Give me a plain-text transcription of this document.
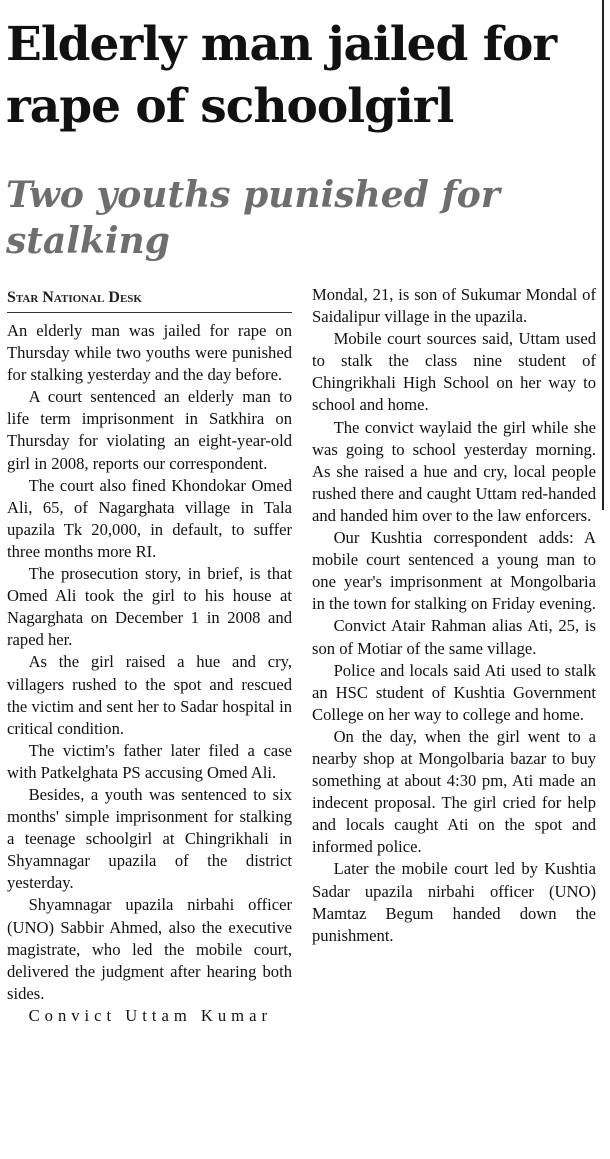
Elderly man jailed for rape of schoolgirl
Two youths punished for stalking
Star National Desk

An elderly man was jailed for rape on Thursday while two youths were punished for stalking yesterday and the day before.

A court sentenced an elderly man to life term imprisonment in Satkhira on Thursday for violating an eight-year-old girl in 2008, reports our correspondent.

The court also fined Khondokar Omed Ali, 65, of Nagarghata village in Tala upazila Tk 20,000, in default, to suffer three months more RI.

The prosecution story, in brief, is that Omed Ali took the girl to his house at Nagarghata on December 1 in 2008 and raped her.

As the girl raised a hue and cry, villagers rushed to the spot and rescued the victim and sent her to Sadar hospital in critical condition.

The victim's father later filed a case with Patkelghata PS accusing Omed Ali.

Besides, a youth was sentenced to six months' simple imprisonment for stalking a teenage schoolgirl at Chingrikhali in Shyamnagar upazila of the district yesterday.

Shyamnagar upazila nirbahi officer (UNO) Sabbir Ahmed, also the executive magistrate, who led the mobile court, delivered the judgment after hearing both sides.

Convict Uttam Kumar

Mondal, 21, is son of Sukumar Mondal of Saidalipur village in the upazila.

Mobile court sources said, Uttam used to stalk the class nine student of Chingrikhali High School on her way to school and home.

The convict waylaid the girl while she was going to school yesterday morning. As she raised a hue and cry, local people rushed there and caught Uttam red-handed and handed him over to the law enforcers.

Our Kushtia correspondent adds: A mobile court sentenced a young man to one year's imprisonment at Mongolbaria in the town for stalking on Friday evening.

Convict Atair Rahman alias Ati, 25, is son of Motiar of the same village.

Police and locals said Ati used to stalk an HSC student of Kushtia Government College on her way to college and home.

On the day, when the girl went to a nearby shop at Mongolbaria bazar to buy something at about 4:30 pm, Ati made an indecent proposal. The girl cried for help and locals caught Ati on the spot and informed police.

Later the mobile court led by Kushtia Sadar upazila nirbahi officer (UNO) Mamtaz Begum handed down the punishment.
